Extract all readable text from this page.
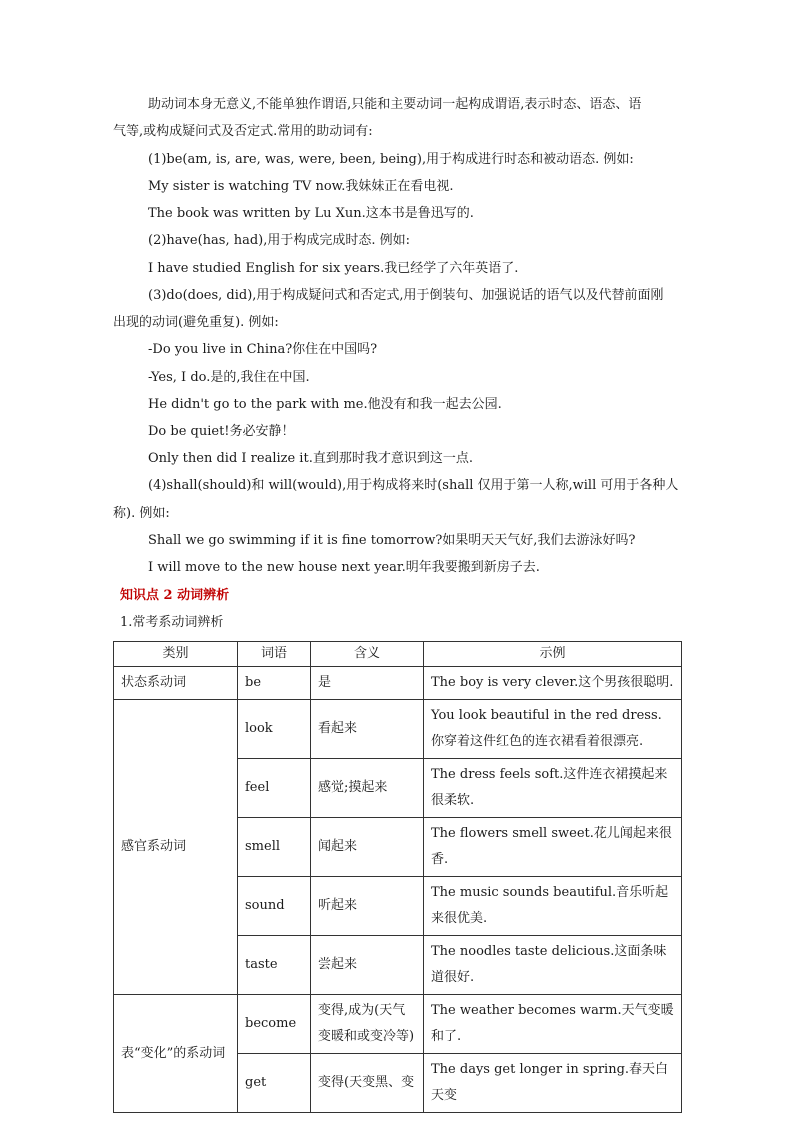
助动词本身无意义,不能单独作谓语,只能和主要动词一起构成谓语,表示时态、语态、语
气等,或构成疑问式及否定式.常用的助动词有:
(1)be(am, is, are, was, were, been, being),用于构成进行时态和被动语态. 例如:
My sister is watching TV now.我妹妹正在看电视.
The book was written by Lu Xun.这本书是鲁迅写的.
(2)have(has, had),用于构成完成时态. 例如:
I have studied English for six years.我已经学了六年英语了.
(3)do(does, did),用于构成疑问式和否定式,用于倒装句、加强说话的语气以及代替前面刚
出现的动词(避免重复). 例如:
-Do you live in China?你住在中国吗?
-Yes, I do.是的,我住在中国.
He didn't go to the park with me.他没有和我一起去公园.
Do be quiet!务必安静！
Only then did I realize it.直到那时我才意识到这一点.
(4)shall(should)和 will(would),用于构成将来时(shall 仅用于第一人称,will 可用于各种人
称). 例如:
Shall we go swimming if it is fine tomorrow?如果明天天气好,我们去游泳好吗?
I will move to the new house next year.明年我要搬到新房子去.
知识点 2 动词辨析
1.常考系动词辨析
类别	词语	含义	示例
状态系动词	be	是	The boy is very clever.这个男孩很聪明.
感官系动词	look	看起来	You look beautiful in the red dress. 你穿着这件红色的连衣裙看着很漂亮.
	feel	感觉;摸起来	The dress feels soft.这件连衣裙摸起来很柔软.
	smell	闻起来	The flowers smell sweet.花儿闻起来很香.
	sound	听起来	The music sounds beautiful.音乐听起来很优美.
	taste	尝起来	The noodles taste delicious.这面条味道很好.
表“变化”的系动词	become	变得,成为(天气变暖和或变冷等)	The weather becomes warm.天气变暖和了.
	get	变得(天变黑、变	The days get longer in spring.春天白天变
